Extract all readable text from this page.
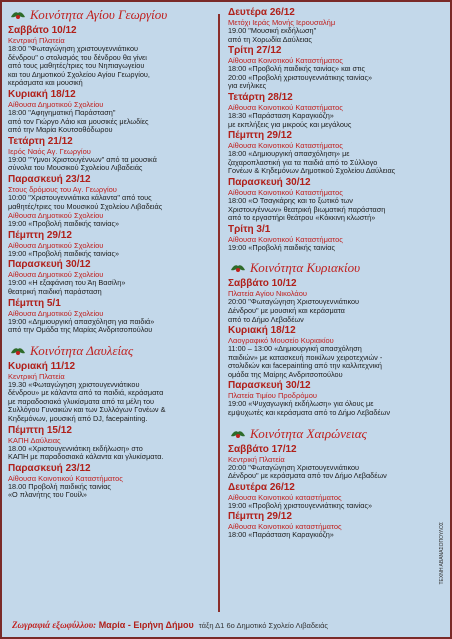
Κοινότητα Αγίου Γεωργίου
Σαββάτο 10/12
Κεντρική Πλατεία
18:00 "Φωταγώγηση χριστουγεννιάτικου
δένδρου" ο στολισμός του δένδρου θα γίνει
από τους μαθητές/τριες του Νηπιαγωγείου
και του Δημοτικού Σχολείου Αγίου Γεωργίου,
κεράσματα και μουσική
Κυριακή 18/12
Αίθουσα Δημοτικού Σχολείου
18:00 "Αφηγηματική Παράσταση"
από τον Γιώργο Λάιο και μουσικές μελωδίες
από την Μαρία Κουτσοθόδωρου
Τετάρτη 21/12
Ιερός Ναός Αγ. Γεωργίου
19:00 "Ύμνοι Χριστουγέννων" από τα μουσικά
σύνολα του Μουσικού Σχολείου Λιβαδειάς
Παρασκευή 23/12
Στους δρόμους του Αγ. Γεωργίου
10:00 "Χριστουγεννιάτικα κάλαντα" από τους
μαθητές/τριες του Μουσικού Σχολείου Λιβαδειάς
Αίθουσα Δημοτικού Σχολείου
19:00 «Προβολή παιδικής ταινίας»
Πέμπτη 29/12
Αίθουσα Δημοτικού Σχολείου
19:00 «Προβολή παιδικής ταινίας»
Παρασκευή 30/12
Αίθουσα Δημοτικού Σχολείου
19:00 «Η εξαφάνιση του Άη Βασίλη»
θεατρική παιδική παράσταση
Πέμπτη 5/1
Αίθουσα Δημοτικού Σχολείου
19:00 «Δημιουργική απασχόληση για παιδιά»
από την Ομάδα της Μαρίας Ανδριτσοπούλου
Κοινότητα Δαυλείας
Κυριακή 11/12
Κεντρική Πλατεία
19.30 «Φωταγώγηση χριστουγεννιάτικου
δένδρου» με κάλαντα από τα παιδιά, κεράσματα
με παραδοσιακά γλυκίσματα από τα μέλη του
Συλλόγου Γυναικών και των Συλλόγων Γονέων &
Κηδεμόνων, μουσική από DJ, facepainting.
Πέμπτη 15/12
ΚΑΠΗ Δαύλειας
18.00 «Χριστουγεννιάτικη εκδήλωση» στο
ΚΑΠΗ με παραδοσιακά κάλαντα και γλυκίσματα.
Παρασκευή 23/12
Αίθουσα Κοινοτικού Καταστήματος
18.00 Προβολή παιδικής ταινίας
«Ο πλανήτης του Γουίλ»
Δευτέρα 26/12
Μετόχι Ιεράς Μονής Ιερουσαλήμ
19.00 "Μουσική εκδήλωση"
από τη Χορωδία Δαύλειας
Τρίτη 27/12
Αίθουσα Κοινοτικού Καταστήματος
18:00 «Προβολή παιδικής ταινίας» και στις
20:00 «Προβολή χριστουγεννιάτικης ταινίας»
για ενήλικες
Τετάρτη 28/12
Αίθουσα Κοινοτικού Καταστήματος
18:30 «Παράσταση Καραγκιόζη»
με εκπλήξεις για μικρούς και μεγάλους
Πέμπτη 29/12
Αίθουσα Κοινοτικού Καταστήματος
18:00 «Δημιουργική απασχόληση» με
ζαχαροπλαστική για τα παιδιά από το Σύλλογο
Γονέων & Κηδεμόνων Δημοτικού Σχολείου Δαύλειας
Παρασκευή 30/12
Αίθουσα Κοινοτικού Καταστήματος
18:00 «Ο Τσαγκάρης και το ξωτικό των
Χριστουγέννων» θεατρική βιωματική παράσταση
από το εργαστήρι θεάτρου «Κόκκινη κλωστή»
Τρίτη 3/1
Αίθουσα Κοινοτικού Καταστήματος
19:00 «Προβολή παιδικής ταινίας
Κοινότητα Κυριακίου
Σαββάτο 10/12
Πλατεία Αγίου Νικολάου
20:00 "Φωταγώγηση Χριστουγεννιάτικου
Δένδρου" με μουσική και κεράσματα
από το Δήμο Λεβαδέων
Κυριακή 18/12
Λαογραφικό Μουσείο Κυριακίου
11:00 – 13:00 «Δημιουργική απασχόληση
παιδιών» με κατασκευή ποικίλων χειροτεχνιών -
στολιδιών και facepainting από την καλλιτεχνική
ομάδα της Μαίρης Ανδριτσοπούλου
Παρασκευή 30/12
Πλατεία Τιμίου Προδρόμου
19:00 «Ψυχαγωγική εκδήλωση» για όλους με
εμψυχωτές και κεράσματα από το Δήμο Λεβαδέων
Κοινότητα Χαιρώνειας
Σαββάτο 17/12
Κεντρική Πλατεία
20:00 "Φωταγώγηση Χριστουγεννιάτικου
Δένδρου" με κεράσματα από τον Δήμο Λεβαδέων
Δευτέρα 26/12
Αίθουσα Κοινοτικού καταστήματος
19:00 «Προβολή χριστουγεννιάτικης ταινίας»
Πέμπτη 29/12
Αίθουσα Κοινοτικού καταστήματος
18:00 «Παράσταση Καραγκιόζη»
Ζωγραφιά εξωφύλλου: Μαρία - Ειρήνη Δήμου τάξη Δ1 6ο Δημοτικό Σχολείο Λιβαδειάς
ΤΕΧΝΗ ΑΒΑΝΑΣΟΠΟΥΛΟΣ
